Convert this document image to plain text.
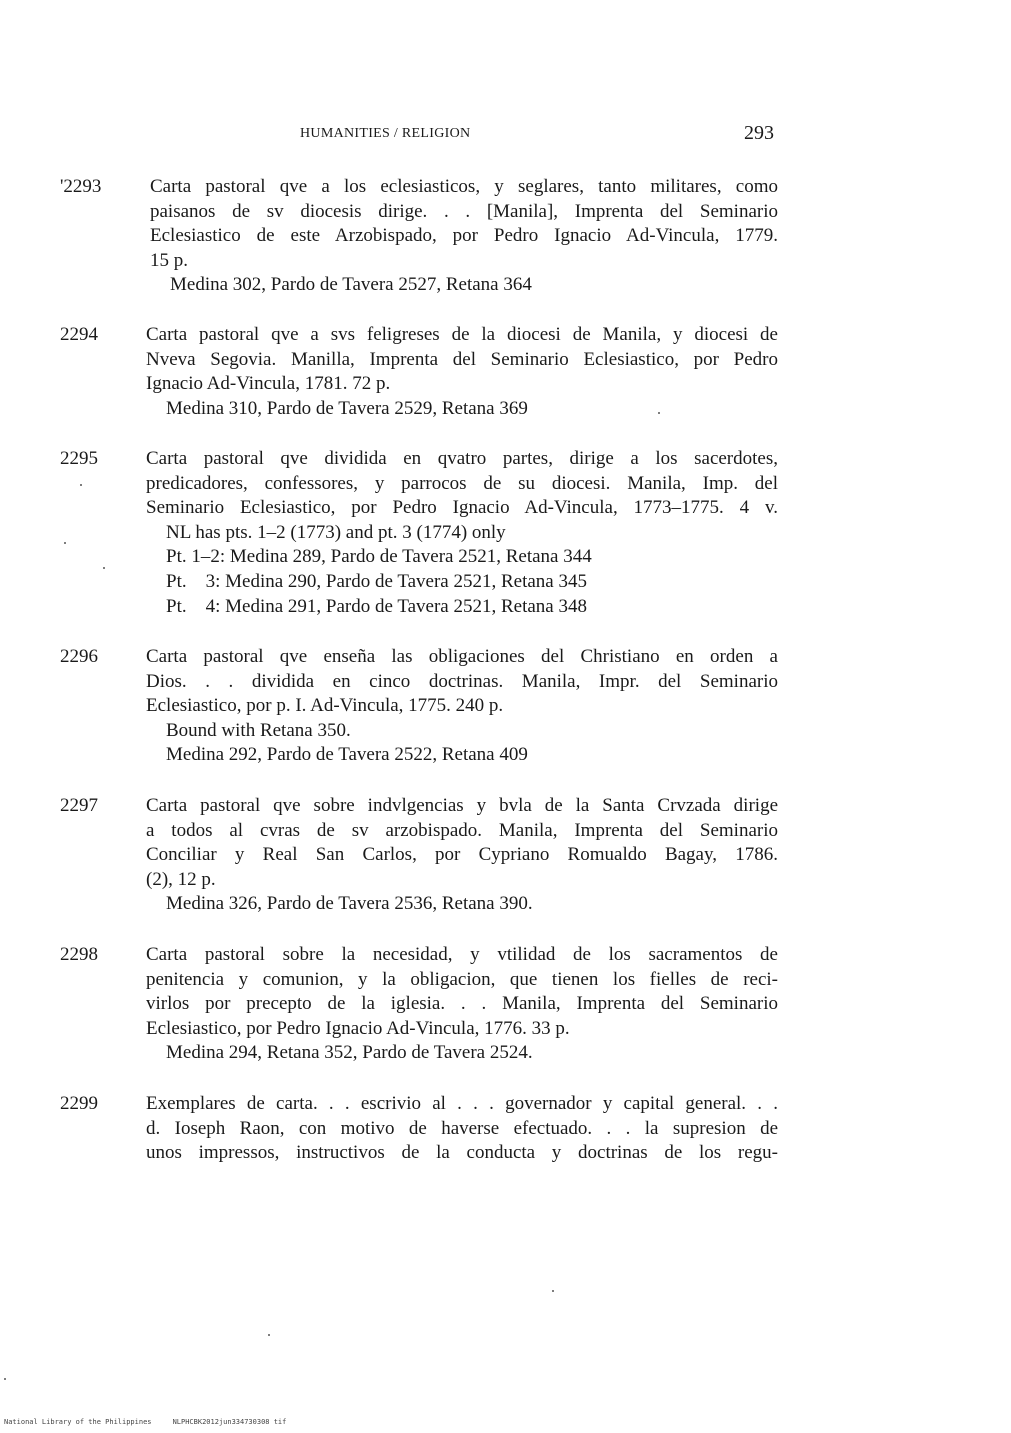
HUMANITIES / RELIGION	293
'2293	Carta pastoral qve a los eclesiasticos, y seglares, tanto militares, como
paisanos de sv diocesis dirige. . . [Manila], Imprenta del Seminario
Eclesiastico de este Arzobispado, por Pedro Ignacio Ad-Vincula, 1779.
15 p.
Medina 302, Pardo de Tavera 2527, Retana 364
2294	Carta pastoral qve a svs feligreses de la diocesi de Manila, y diocesi de
Nveva Segovia. Manilla, Imprenta del Seminario Eclesiastico, por Pedro
Ignacio Ad-Vincula, 1781. 72 p.
Medina 310, Pardo de Tavera 2529, Retana 369
2295	Carta pastoral qve dividida en qvatro partes, dirige a los sacerdotes,
predicadores, confessores, y parrocos de su diocesi. Manila, Imp. del
Seminario Eclesiastico, por Pedro Ignacio Ad-Vincula, 1773–1775. 4 v.
NL has pts. 1–2 (1773) and pt. 3 (1774) only
Pt. 1–2: Medina 289, Pardo de Tavera 2521, Retana 344
Pt.    3: Medina 290, Pardo de Tavera 2521, Retana 345
Pt.    4: Medina 291, Pardo de Tavera 2521, Retana 348
2296	Carta pastoral qve enseña las obligaciones del Christiano en orden a
Dios. . . dividida en cinco doctrinas. Manila, Impr. del Seminario
Eclesiastico, por p. I. Ad-Vincula, 1775. 240 p.
Bound with Retana 350.
Medina 292, Pardo de Tavera 2522, Retana 409
2297	Carta pastoral qve sobre indvlgencias y bvla de la Santa Crvzada dirige
a todos al cvras de sv arzobispado. Manila, Imprenta del Seminario
Conciliar y Real San Carlos, por Cypriano Romualdo Bagay, 1786.
(2), 12 p.
Medina 326, Pardo de Tavera 2536, Retana 390.
2298	Carta pastoral sobre la necesidad, y vtilidad de los sacramentos de
penitencia y comunion, y la obligacion, que tienen los fielles de reci-
virlos por precepto de la iglesia. . . Manila, Imprenta del Seminario
Eclesiastico, por Pedro Ignacio Ad-Vincula, 1776. 33 p.
Medina 294, Retana 352, Pardo de Tavera 2524.
2299	Exemplares de carta. . . escrivio al . . . governador y capital general. . .
d. Ioseph Raon, con motivo de haverse efectuado. . . la supresion de
unos impressos, instructivos de la conducta y doctrinas de los regu-
National Library of the Philippines     NLPHCBK2012jun334730308 tif
